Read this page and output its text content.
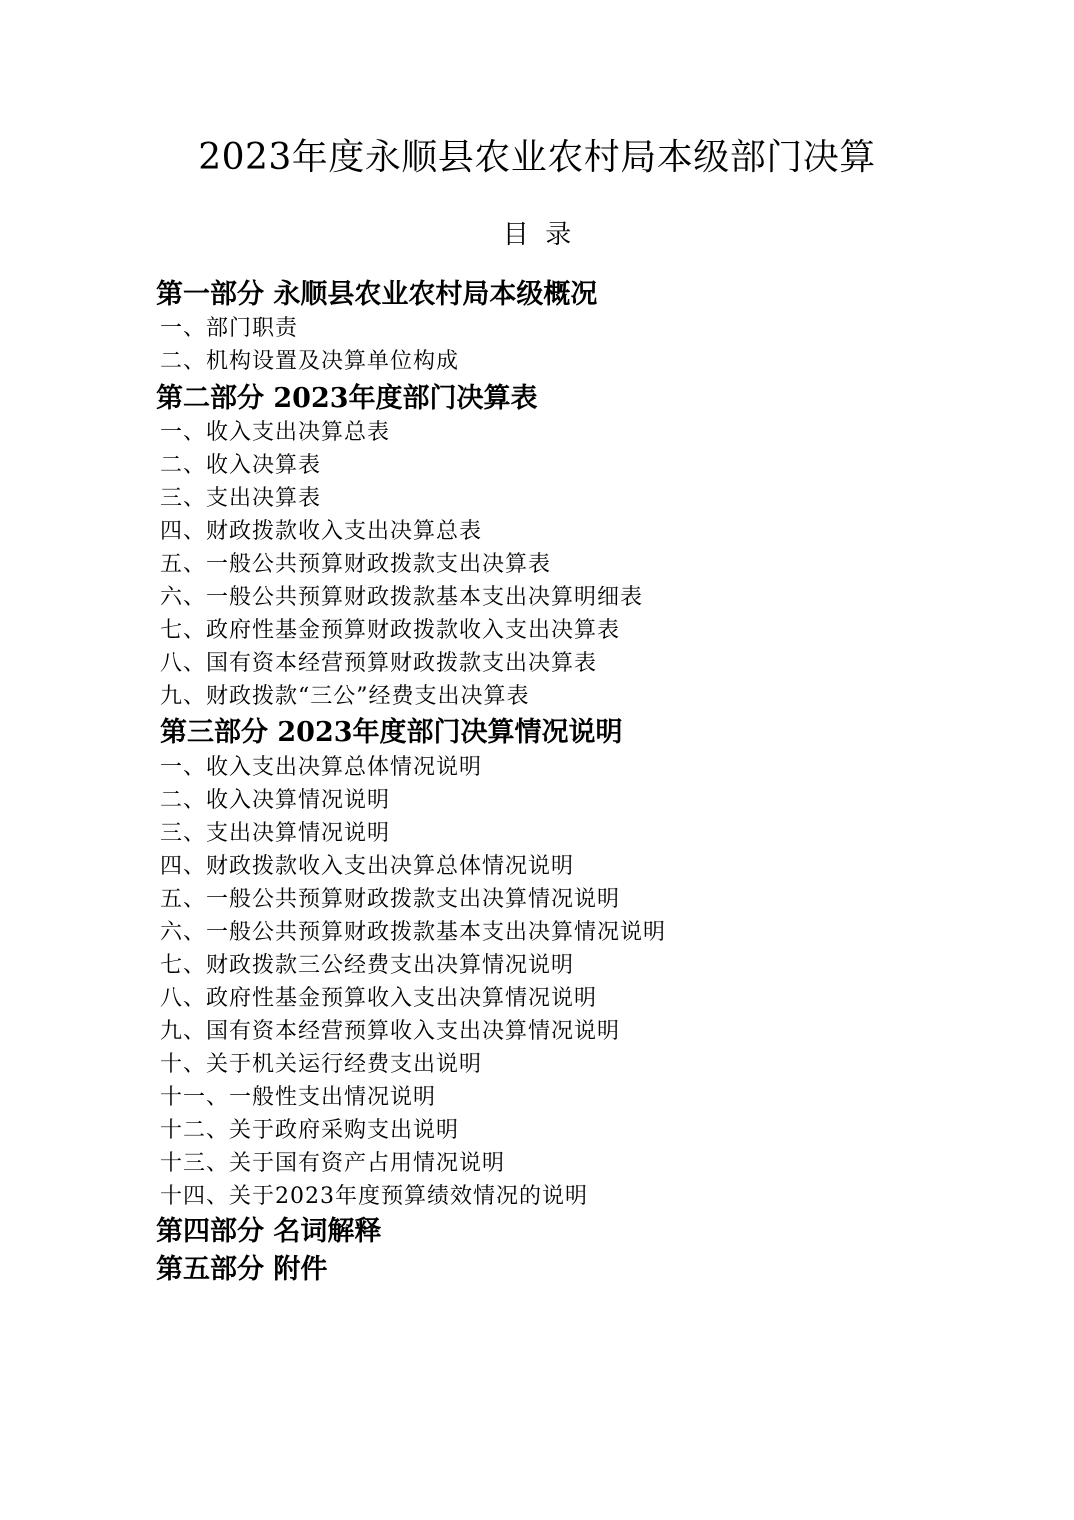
2023年度永顺县农业农村局本级部门决算
目  录
第一部分 永顺县农业农村局本级概况
一、部门职责
二、机构设置及决算单位构成
第二部分 2023年度部门决算表
一、收入支出决算总表
二、收入决算表
三、支出决算表
四、财政拨款收入支出决算总表
五、一般公共预算财政拨款支出决算表
六、一般公共预算财政拨款基本支出决算明细表
七、政府性基金预算财政拨款收入支出决算表
八、国有资本经营预算财政拨款支出决算表
九、财政拨款“三公”经费支出决算表
第三部分 2023年度部门决算情况说明
一、收入支出决算总体情况说明
二、收入决算情况说明
三、支出决算情况说明
四、财政拨款收入支出决算总体情况说明
五、一般公共预算财政拨款支出决算情况说明
六、一般公共预算财政拨款基本支出决算情况说明
七、财政拨款三公经费支出决算情况说明
八、政府性基金预算收入支出决算情况说明
九、国有资本经营预算收入支出决算情况说明
十、关于机关运行经费支出说明
十一、一般性支出情况说明
十二、关于政府采购支出说明
十三、关于国有资产占用情况说明
十四、关于2023年度预算绩效情况的说明
第四部分 名词解释
第五部分 附件
